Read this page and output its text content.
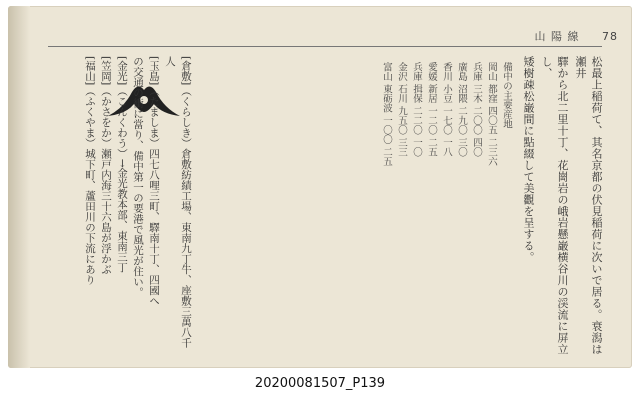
山 陽 線 78

松最上稲荷て、其名京都の伏見稲荷に次いで居る。衰潟は瀬井

驛から北二里十丁、花崗岩の峨岩懸巌横谷川の渓流に屏立し、

矮樹疎松巌間に點綴して美觀を呈する。

備中の主要産地

岡山 都窪 四〇五 二三六

兵庫 三木 二〇〇 四〇

廣島 沼隈 二九〇 三〇

香川 小豆 一七〇 一八

愛媛 新居 一二〇 二五

兵庫 揖保 二二〇 一〇

金沢 石川 九五〇 三三

富山 東砺波 一〇〇 二五

[倉敷]（くらしき）倉敷紡績工場、東南九丁牛、座敷三萬八千人

[玉島]（たましま）四七八哩三町、驛南十丁、四國へ

の交通の衝に當り、備中第一の要港で風光が住い。

[金光]（こんくわう）→金光教本部、東南三丁

[笠岡]（かさをか）瀬戸内海三十六島が浮かぶ

[福山]（ふくやま）城下町、蘆田川の下流にあり

20200081507_P139
